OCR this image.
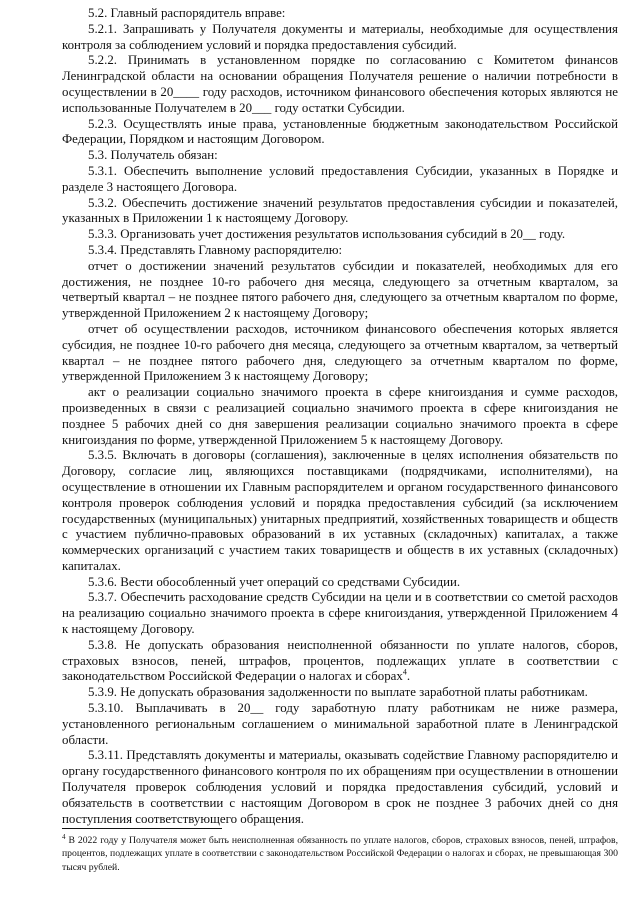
5.2. Главный распорядитель вправе:

5.2.1. Запрашивать у Получателя документы и материалы, необходимые для осуществления контроля за соблюдением условий и порядка предоставления субсидий.

5.2.2. Принимать в установленном порядке по согласованию с Комитетом финансов Ленинградской области на основании обращения Получателя решение о наличии потребности в осуществлении в 20____ году расходов, источником финансового обеспечения которых являются не использованные Получателем в 20___ году остатки Субсидии.

5.2.3. Осуществлять иные права, установленные бюджетным законодательством Российской Федерации, Порядком и настоящим Договором.

5.3. Получатель обязан:

5.3.1. Обеспечить выполнение условий предоставления Субсидии, указанных в Порядке и разделе 3 настоящего Договора.

5.3.2. Обеспечить достижение значений результатов предоставления субсидии и показателей, указанных в Приложении 1 к настоящему Договору.

5.3.3. Организовать учет достижения результатов использования субсидий в 20__ году.

5.3.4. Представлять Главному распорядителю:

отчет о достижении значений результатов субсидии и показателей, необходимых для его достижения, не позднее 10-го рабочего дня месяца, следующего за отчетным кварталом, за четвертый квартал – не позднее пятого рабочего дня, следующего за отчетным кварталом по форме, утвержденной Приложением 2 к настоящему Договору;

отчет об осуществлении расходов, источником финансового обеспечения которых является субсидия, не позднее 10-го рабочего дня месяца, следующего за отчетным кварталом, за четвертый квартал – не позднее пятого рабочего дня, следующего за отчетным кварталом по форме, утвержденной Приложением 3 к настоящему Договору;

акт о реализации социально значимого проекта в сфере книгоиздания и сумме расходов, произведенных в связи с реализацией социально значимого проекта в сфере книгоиздания не позднее 5 рабочих дней со дня завершения реализации социально значимого проекта в сфере книгоиздания по форме, утвержденной Приложением 5 к настоящему Договору.

5.3.5. Включать в договоры (соглашения), заключенные в целях исполнения обязательств по Договору, согласие лиц, являющихся поставщиками (подрядчиками, исполнителями), на осуществление в отношении их Главным распорядителем и органом государственного финансового контроля проверок соблюдения условий и порядка предоставления субсидий (за исключением государственных (муниципальных) унитарных предприятий, хозяйственных товариществ и обществ с участием публично-правовых образований в их уставных (складочных) капиталах, а также коммерческих организаций с участием таких товариществ и обществ в их уставных (складочных) капиталах.

5.3.6. Вести обособленный учет операций со средствами Субсидии.

5.3.7. Обеспечить расходование средств Субсидии на цели и в соответствии со сметой расходов на реализацию социально значимого проекта в сфере книгоиздания, утвержденной Приложением 4 к настоящему Договору.

5.3.8. Не допускать образования неисполненной обязанности по уплате налогов, сборов, страховых взносов, пеней, штрафов, процентов, подлежащих уплате в соответствии с законодательством Российской Федерации о налогах и сборах$^4$.

5.3.9. Не допускать образования задолженности по выплате заработной платы работникам.

5.3.10. Выплачивать в 20__ году заработную плату работникам не ниже размера, установленного региональным соглашением о минимальной заработной плате в Ленинградской области.

5.3.11. Представлять документы и материалы, оказывать содействие Главному распорядителю и органу государственного финансового контроля по их обращениям при осуществлении в отношении Получателя проверок соблюдения условий и порядка предоставления субсидий, условий и обязательств в соответствии с настоящим Договором в срок не позднее 3 рабочих дней со дня поступления соответствующего обращения.

$^4$ В 2022 году у Получателя может быть неисполненная обязанность по уплате налогов, сборов, страховых взносов, пеней, штрафов, процентов, подлежащих уплате в соответствии с законодательством Российской Федерации о налогах и сборах, не превышающая 300 тысяч рублей.
